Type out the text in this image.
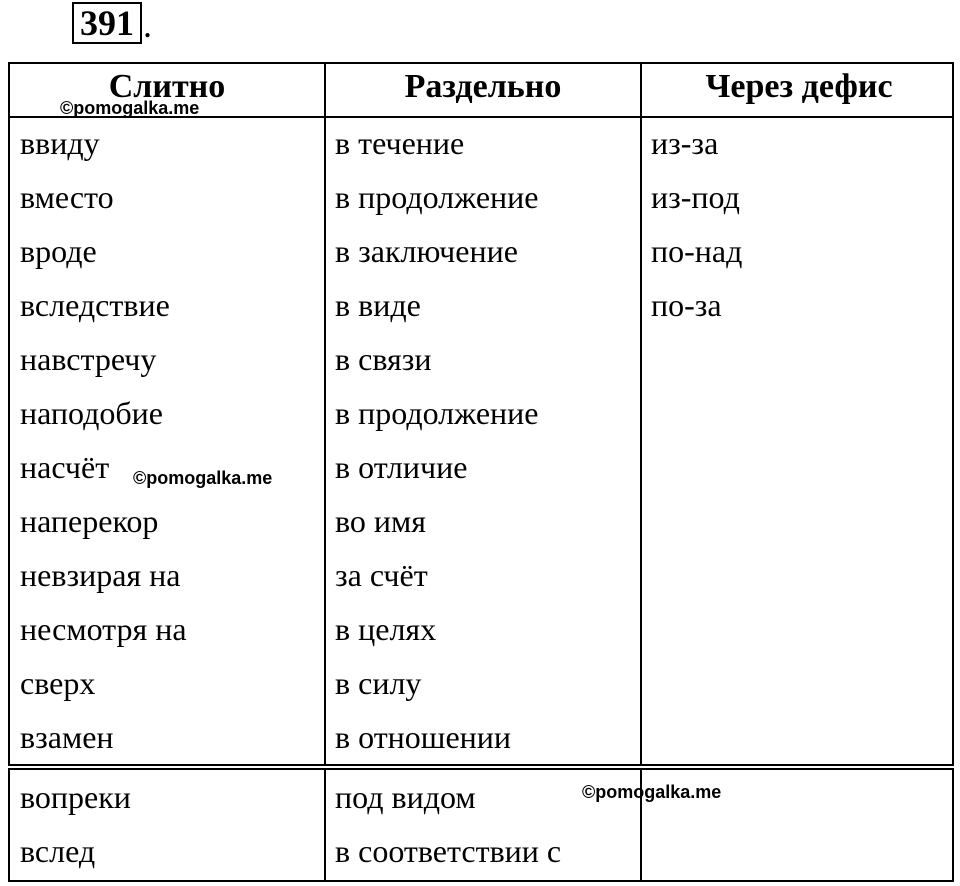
391 .
Слитно	Раздельно	Через дефис
ввиду
вместо
вроде
вследствие
навстречу
наподобие
насчёт
наперекор
невзирая на
несмотря на
сверх
взамен
в течение
в продолжение
в заключение
в виде
в связи
в продолжение
в отличие
во имя
за счёт
в целях
в силу
в отношении
из-за
из-под
по-над
по-за
вопреки
вслед
под видом
в соответствии с
©pomogalka.me
©pomogalka.me
©pomogalka.me
